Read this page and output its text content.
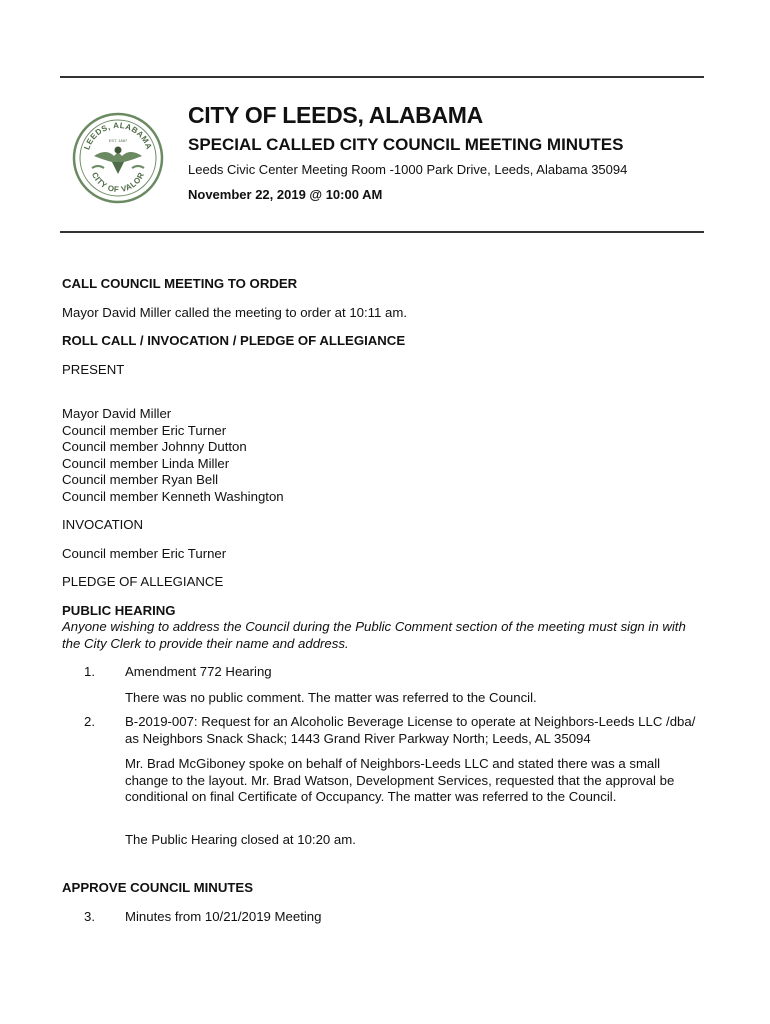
LEEDS, ALABAMA
CITY OF VALOR
EST. 1887
CITY OF LEEDS, ALABAMA
SPECIAL CALLED CITY COUNCIL MEETING MINUTES
Leeds Civic Center Meeting Room -1000 Park Drive, Leeds, Alabama 35094
November 22, 2019 @ 10:00 AM

CALL COUNCIL MEETING TO ORDER

Mayor David Miller called the meeting to order at 10:11 am.

ROLL CALL / INVOCATION / PLEDGE OF ALLEGIANCE

PRESENT

Mayor David Miller
Council member Eric Turner
Council member Johnny Dutton
Council member Linda Miller
Council member Ryan Bell
Council member Kenneth Washington

INVOCATION

Council member Eric Turner

PLEDGE OF ALLEGIANCE

PUBLIC HEARING

Anyone wishing to address the Council during the Public Comment section of the meeting must sign in with the City Clerk to provide their name and address.

1. Amendment 772 Hearing
There was no public comment. The matter was referred to the Council.
2. B-2019-007: Request for an Alcoholic Beverage License to operate at Neighbors-Leeds LLC /dba/ as Neighbors Snack Shack; 1443 Grand River Parkway North; Leeds, AL 35094
Mr. Brad McGiboney spoke on behalf of Neighbors-Leeds LLC and stated there was a small change to the layout. Mr. Brad Watson, Development Services, requested that the approval be conditional on final Certificate of Occupancy. The matter was referred to the Council.
The Public Hearing closed at 10:20 am.

APPROVE COUNCIL MINUTES

3. Minutes from 10/21/2019 Meeting
